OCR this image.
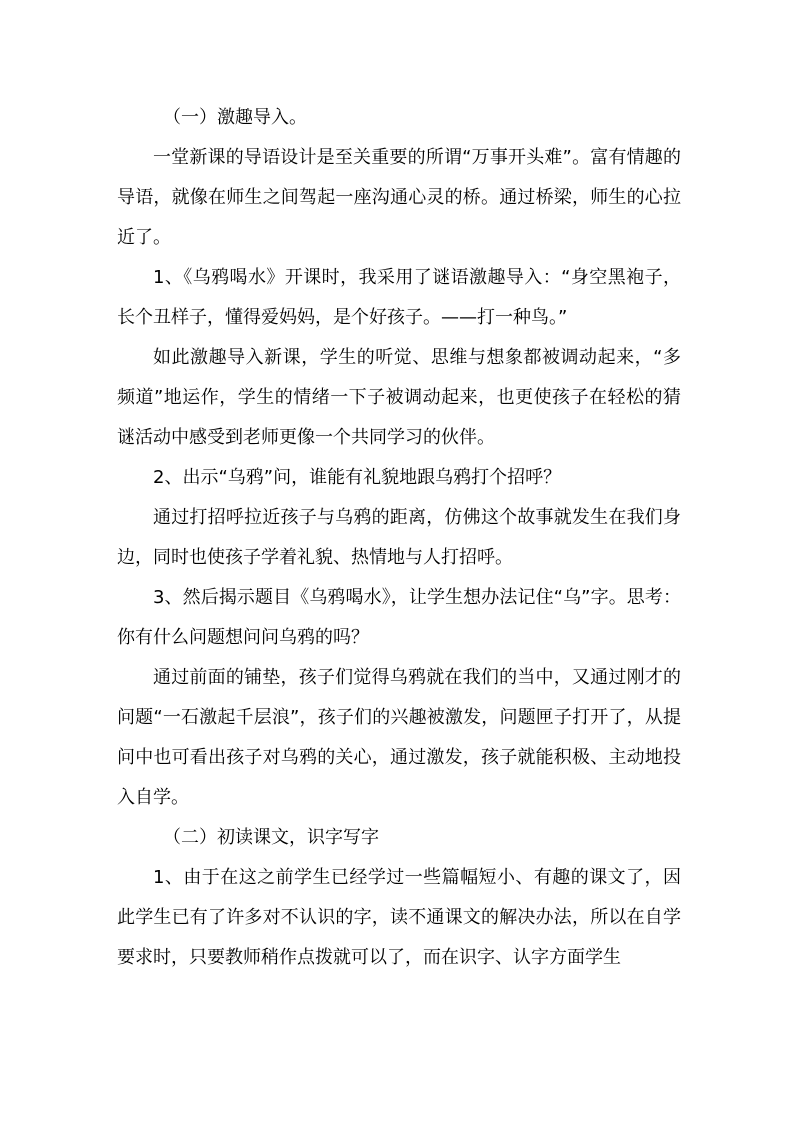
（一）激趣导入。

一堂新课的导语设计是至关重要的所谓“万事开头难”。富有情趣的导语，就像在师生之间驾起一座沟通心灵的桥。通过桥梁，师生的心拉近了。

1、《乌鸦喝水》开课时，我采用了谜语激趣导入：“身空黑袍子，长个丑样子，懂得爱妈妈，是个好孩子。——打一种鸟。”

如此激趣导入新课，学生的听觉、思维与想象都被调动起来，“多频道”地运作，学生的情绪一下子被调动起来，也更使孩子在轻松的猜谜活动中感受到老师更像一个共同学习的伙伴。

2、出示“乌鸦”问，谁能有礼貌地跟乌鸦打个招呼？

通过打招呼拉近孩子与乌鸦的距离，仿佛这个故事就发生在我们身边，同时也使孩子学着礼貌、热情地与人打招呼。

3、然后揭示题目《乌鸦喝水》，让学生想办法记住“乌”字。思考：你有什么问题想问问乌鸦的吗？

通过前面的铺垫，孩子们觉得乌鸦就在我们的当中，又通过刚才的问题“一石激起千层浪”，孩子们的兴趣被激发，问题匣子打开了，从提问中也可看出孩子对乌鸦的关心，通过激发，孩子就能积极、主动地投入自学。

（二）初读课文，识字写字

1、由于在这之前学生已经学过一些篇幅短小、有趣的课文了，因此学生已有了许多对不认识的字，读不通课文的解决办法，所以在自学要求时，只要教师稍作点拨就可以了，而在识字、认字方面学生
